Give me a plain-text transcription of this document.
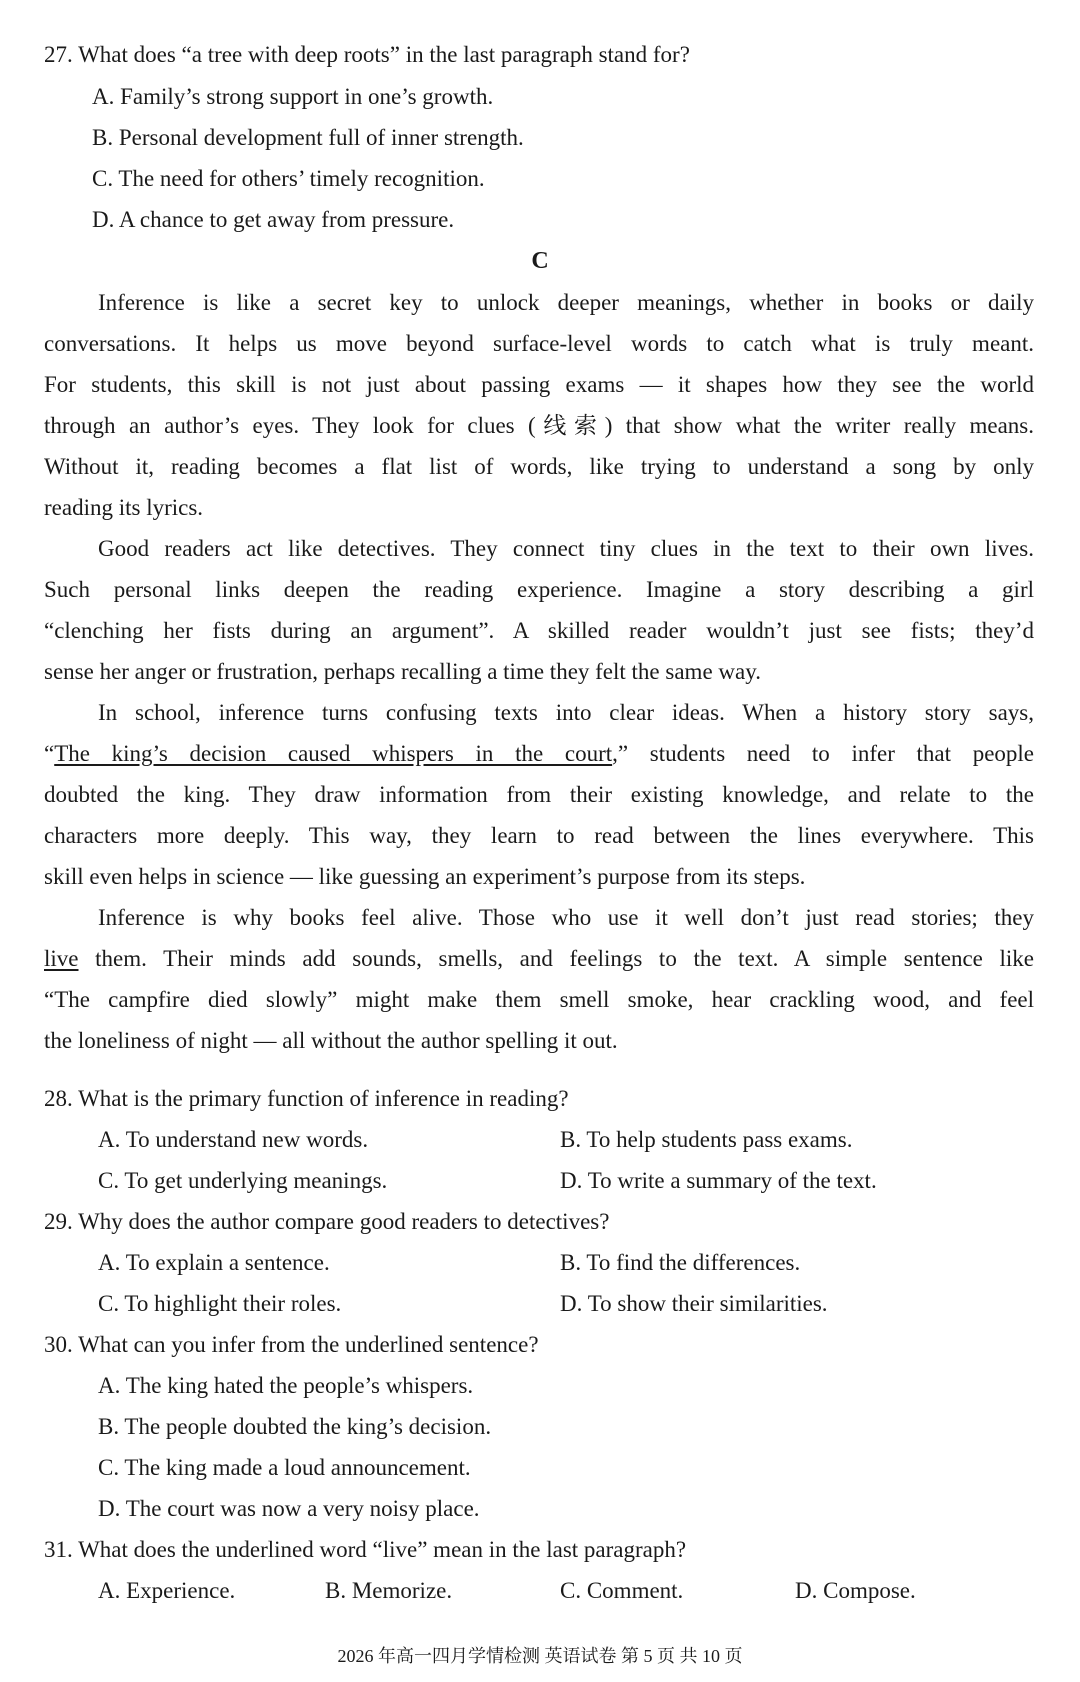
27. What does “a tree with deep roots” in the last paragraph stand for?
A. Family’s strong support in one’s growth.
B. Personal development full of inner strength.
C. The need for others’ timely recognition.
D. A chance to get away from pressure.
C
Inference is like a secret key to unlock deeper meanings, whether in books or daily
conversations. It helps us move beyond surface-level words to catch what is truly meant.
For students, this skill is not just about passing exams — it shapes how they see the world
through an author’s eyes. They look for clues (线索) that show what the writer really means.
Without it, reading becomes a flat list of words, like trying to understand a song by only
reading its lyrics.
Good readers act like detectives. They connect tiny clues in the text to their own lives.
Such personal links deepen the reading experience. Imagine a story describing a girl
“clenching her fists during an argument”. A skilled reader wouldn’t just see fists; they’d
sense her anger or frustration, perhaps recalling a time they felt the same way.
In school, inference turns confusing texts into clear ideas. When a history story says,
“The king’s decision caused whispers in the court,” students need to infer that people
doubted the king. They draw information from their existing knowledge, and relate to the
characters more deeply. This way, they learn to read between the lines everywhere. This
skill even helps in science — like guessing an experiment’s purpose from its steps.
Inference is why books feel alive. Those who use it well don’t just read stories; they
live them. Their minds add sounds, smells, and feelings to the text. A simple sentence like
“The campfire died slowly” might make them smell smoke, hear crackling wood, and feel
the loneliness of night — all without the author spelling it out.
28. What is the primary function of inference in reading?
A. To understand new words.	B. To help students pass exams.
C. To get underlying meanings.	D. To write a summary of the text.
29. Why does the author compare good readers to detectives?
A. To explain a sentence.	B. To find the differences.
C. To highlight their roles.	D. To show their similarities.
30. What can you infer from the underlined sentence?
A. The king hated the people’s whispers.
B. The people doubted the king’s decision.
C. The king made a loud announcement.
D. The court was now a very noisy place.
31. What does the underlined word “live” mean in the last paragraph?
A. Experience.	B. Memorize.	C. Comment.	D. Compose.
2026 年高一四月学情检测 英语试卷 第 5 页 共 10 页
